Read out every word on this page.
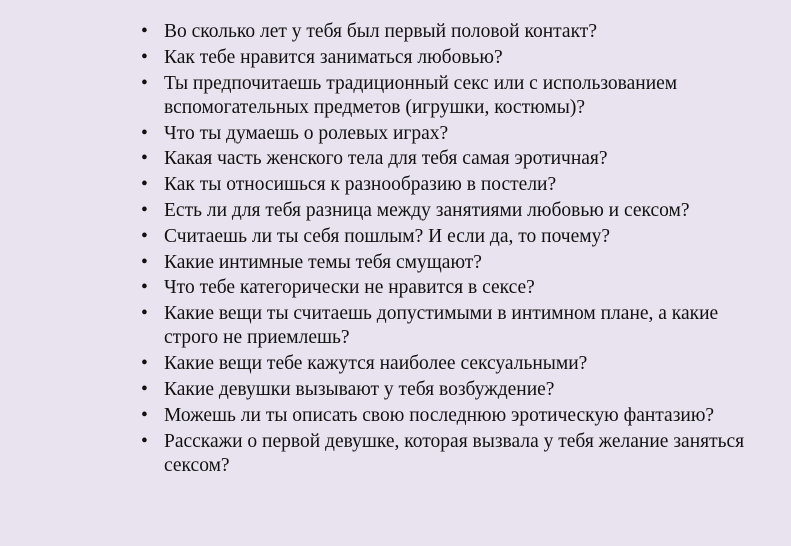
• Во сколько лет у тебя был первый половой контакт?
• Как тебе нравится заниматься любовью?
• Ты предпочитаешь традиционный секс или с использованием вспомогательных предметов (игрушки, костюмы)?
• Что ты думаешь о ролевых играх?
• Какая часть женского тела для тебя самая эротичная?
• Как ты относишься к разнообразию в постели?
• Есть ли для тебя разница между занятиями любовью и сексом?
• Считаешь ли ты себя пошлым? И если да, то почему?
• Какие интимные темы тебя смущают?
• Что тебе категорически не нравится в сексе?
• Какие вещи ты считаешь допустимыми в интимном плане, а какие строго не приемлешь?
• Какие вещи тебе кажутся наиболее сексуальными?
• Какие девушки вызывают у тебя возбуждение?
• Можешь ли ты описать свою последнюю эротическую фантазию?
• Расскажи о первой девушке, которая вызвала у тебя желание заняться сексом?
